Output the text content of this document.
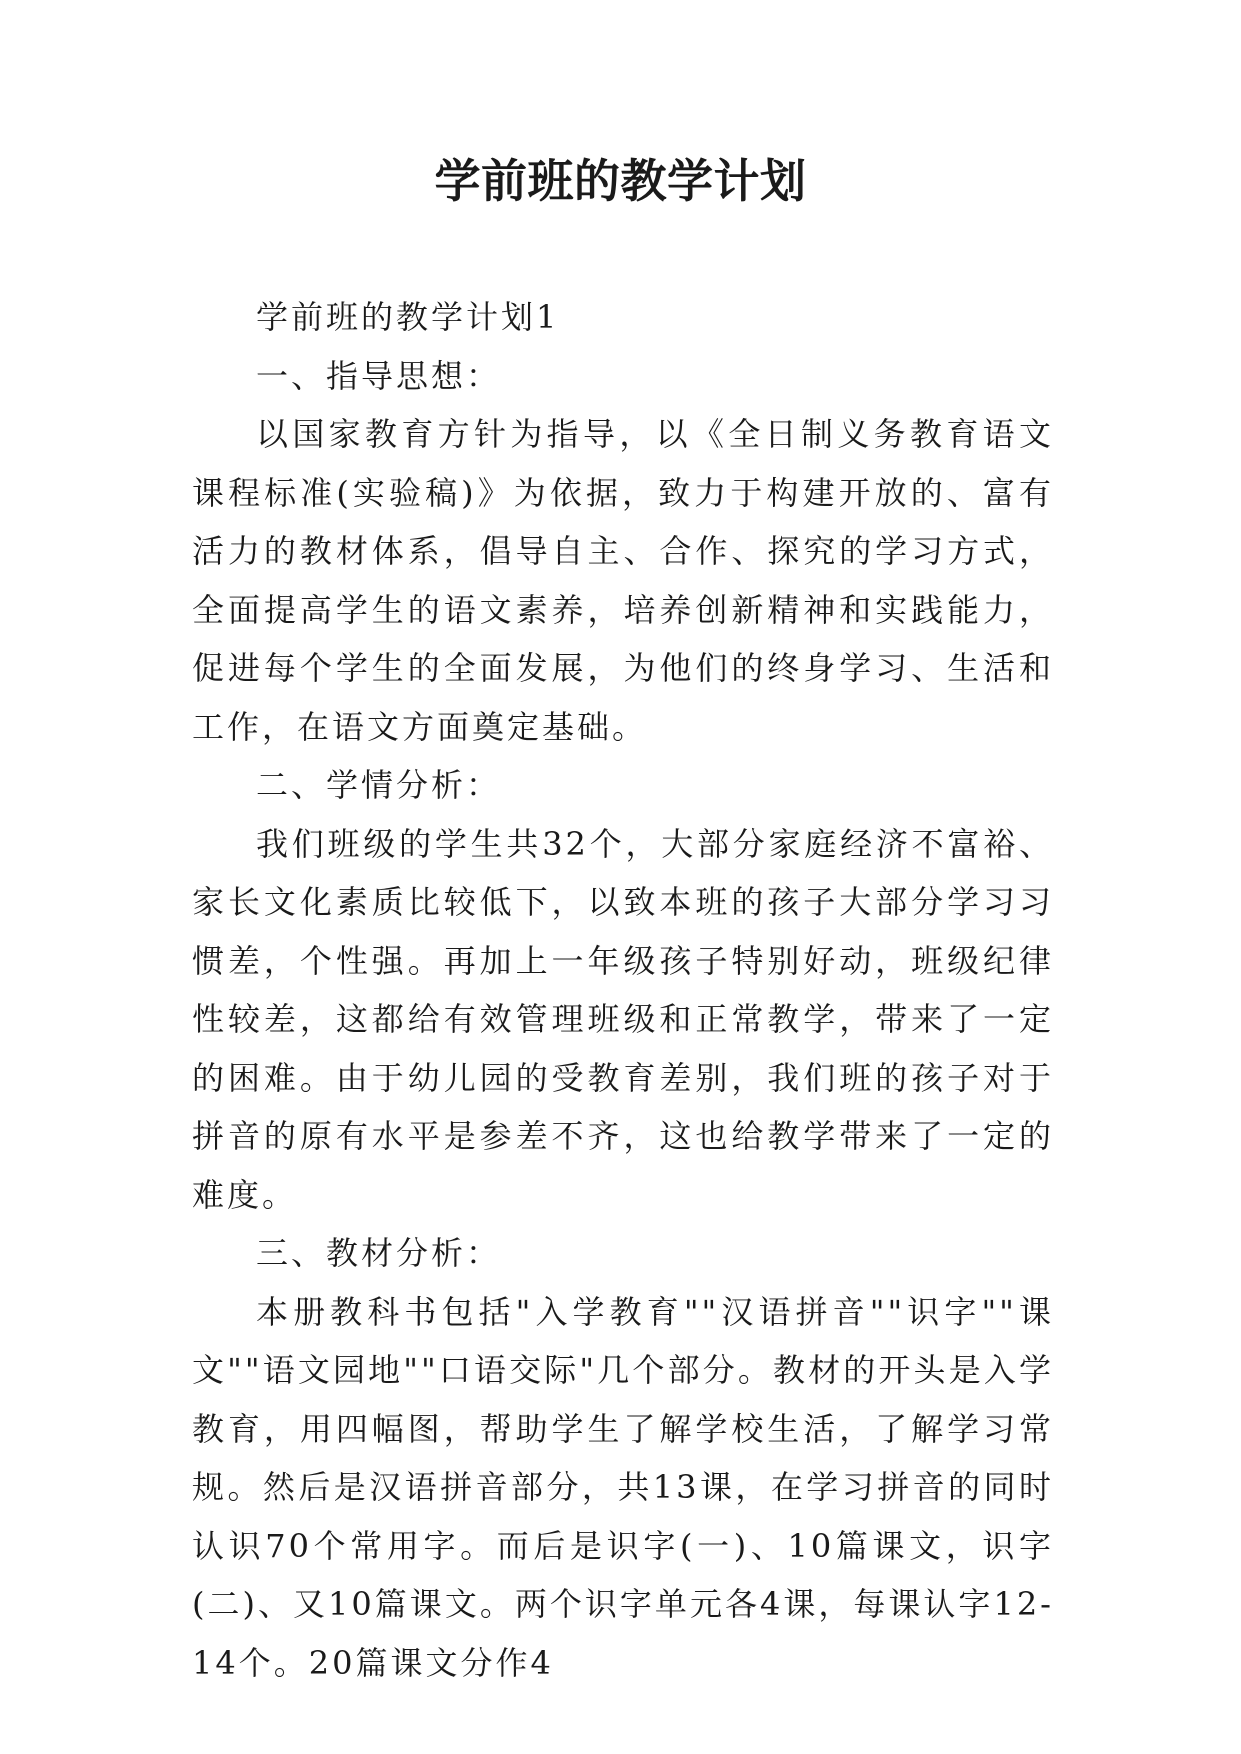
学前班的教学计划

学前班的教学计划1

一、指导思想：

以国家教育方针为指导，以《全日制义务教育语文课程标准(实验稿)》为依据，致力于构建开放的、富有活力的教材体系，倡导自主、合作、探究的学习方式，全面提高学生的语文素养，培养创新精神和实践能力，促进每个学生的全面发展，为他们的终身学习、生活和工作，在语文方面奠定基础。

二、学情分析：

我们班级的学生共32个，大部分家庭经济不富裕、家长文化素质比较低下，以致本班的孩子大部分学习习惯差，个性强。再加上一年级孩子特别好动，班级纪律性较差，这都给有效管理班级和正常教学，带来了一定的困难。由于幼儿园的受教育差别，我们班的孩子对于拼音的原有水平是参差不齐，这也给教学带来了一定的难度。

三、教材分析：

本册教科书包括"入学教育""汉语拼音""识字""课文""语文园地""口语交际"几个部分。教材的开头是入学教育，用四幅图，帮助学生了解学校生活，了解学习常规。然后是汉语拼音部分，共13课，在学习拼音的同时认识70个常用字。而后是识字(一)、10篇课文，识字(二)、又10篇课文。两个识字单元各4课，每课认字12-14个。20篇课文分作4
